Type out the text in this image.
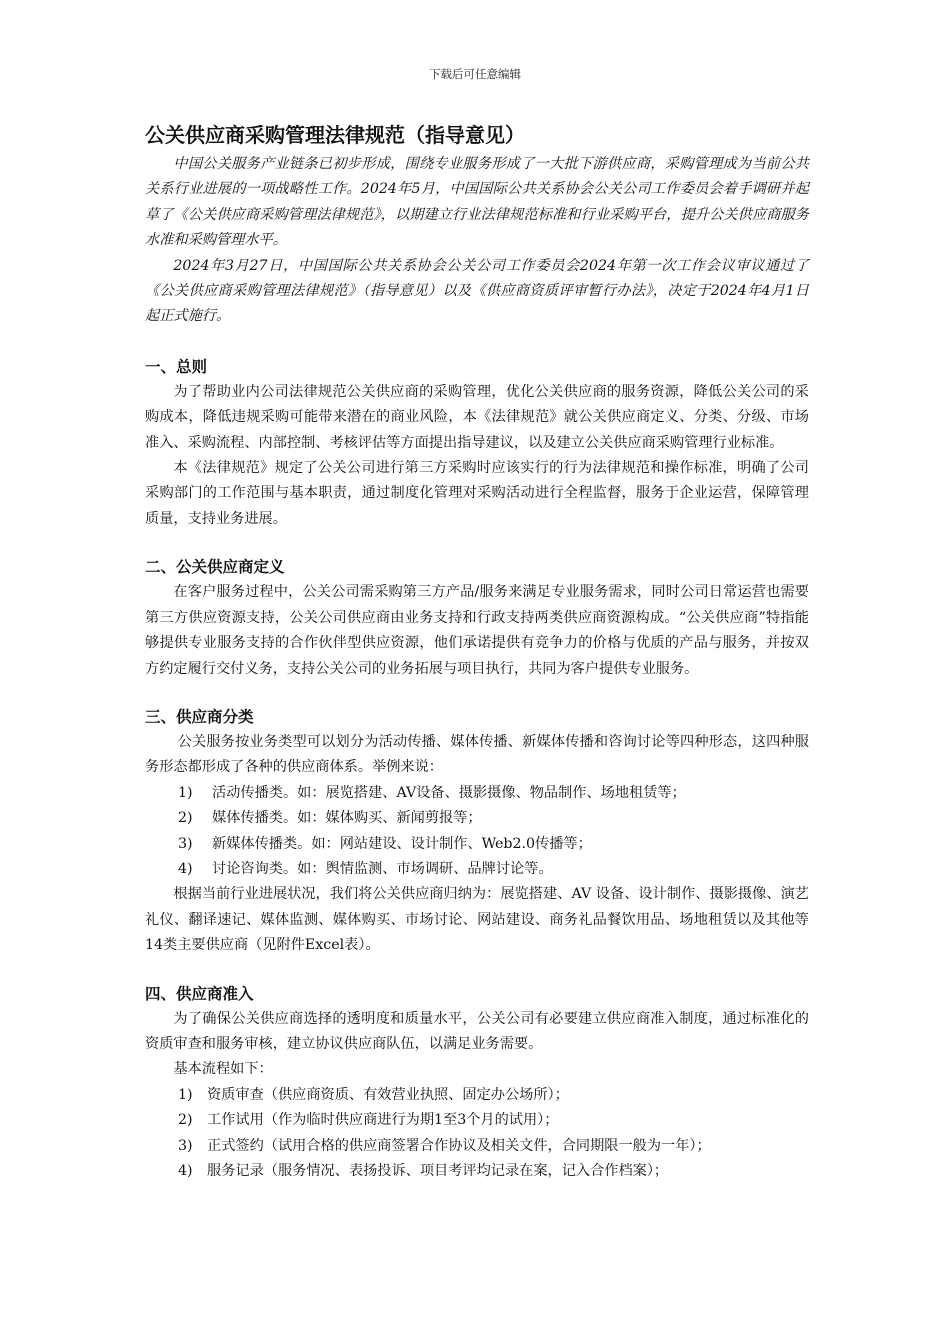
下载后可任意编辑
公关供应商采购管理法律规范（指导意见）

中国公关服务产业链条已初步形成，围绕专业服务形成了一大批下游供应商，采购管理成为当前公共关系行业进展的一项战略性工作。2024年5月，中国国际公共关系协会公关公司工作委员会着手调研并起草了《公关供应商采购管理法律规范》，以期建立行业法律规范标准和行业采购平台，提升公关供应商服务水准和采购管理水平。

2024年3月27日，中国国际公共关系协会公关公司工作委员会2024年第一次工作会议审议通过了《公关供应商采购管理法律规范》（指导意见）以及《供应商资质评审暂行办法》，决定于2024年4月1日起正式施行。

一、总则

为了帮助业内公司法律规范公关供应商的采购管理，优化公关供应商的服务资源，降低公关公司的采购成本，降低违规采购可能带来潜在的商业风险，本《法律规范》就公关供应商定义、分类、分级、市场准入、采购流程、内部控制、考核评估等方面提出指导建议，以及建立公关供应商采购管理行业标准。

本《法律规范》规定了公关公司进行第三方采购时应该实行的行为法律规范和操作标准，明确了公司采购部门的工作范围与基本职责，通过制度化管理对采购活动进行全程监督，服务于企业运营，保障管理质量，支持业务进展。

二、公关供应商定义

在客户服务过程中，公关公司需采购第三方产品/服务来满足专业服务需求，同时公司日常运营也需要第三方供应资源支持，公关公司供应商由业务支持和行政支持两类供应商资源构成。“公关供应商”特指能够提供专业服务支持的合作伙伴型供应资源，他们承诺提供有竞争力的价格与优质的产品与服务，并按双方约定履行交付义务，支持公关公司的业务拓展与项目执行，共同为客户提供专业服务。

三、供应商分类

公关服务按业务类型可以划分为活动传播、媒体传播、新媒体传播和咨询讨论等四种形态，这四种服务形态都形成了各种的供应商体系。举例来说：

1)	活动传播类。如：展览搭建、AV设备、摄影摄像、物品制作、场地租赁等；
2)	媒体传播类。如：媒体购买、新闻剪报等；
3)	新媒体传播类。如：网站建设、设计制作、Web2.0传播等；
4)	讨论咨询类。如：舆情监测、市场调研、品牌讨论等。

根据当前行业进展状况，我们将公关供应商归纳为：展览搭建、AV 设备、设计制作、摄影摄像、演艺礼仪、翻译速记、媒体监测、媒体购买、市场讨论、网站建设、商务礼品餐饮用品、场地租赁以及其他等14类主要供应商（见附件Excel表）。

四、供应商准入

为了确保公关供应商选择的透明度和质量水平，公关公司有必要建立供应商准入制度，通过标准化的资质审查和服务审核，建立协议供应商队伍，以满足业务需要。

基本流程如下：

1)	资质审查（供应商资质、有效营业执照、固定办公场所）；
2)	工作试用（作为临时供应商进行为期1至3个月的试用）；
3)	正式签约（试用合格的供应商签署合作协议及相关文件，合同期限一般为一年）；
4)	服务记录（服务情况、表扬投诉、项目考评均记录在案，记入合作档案）；
